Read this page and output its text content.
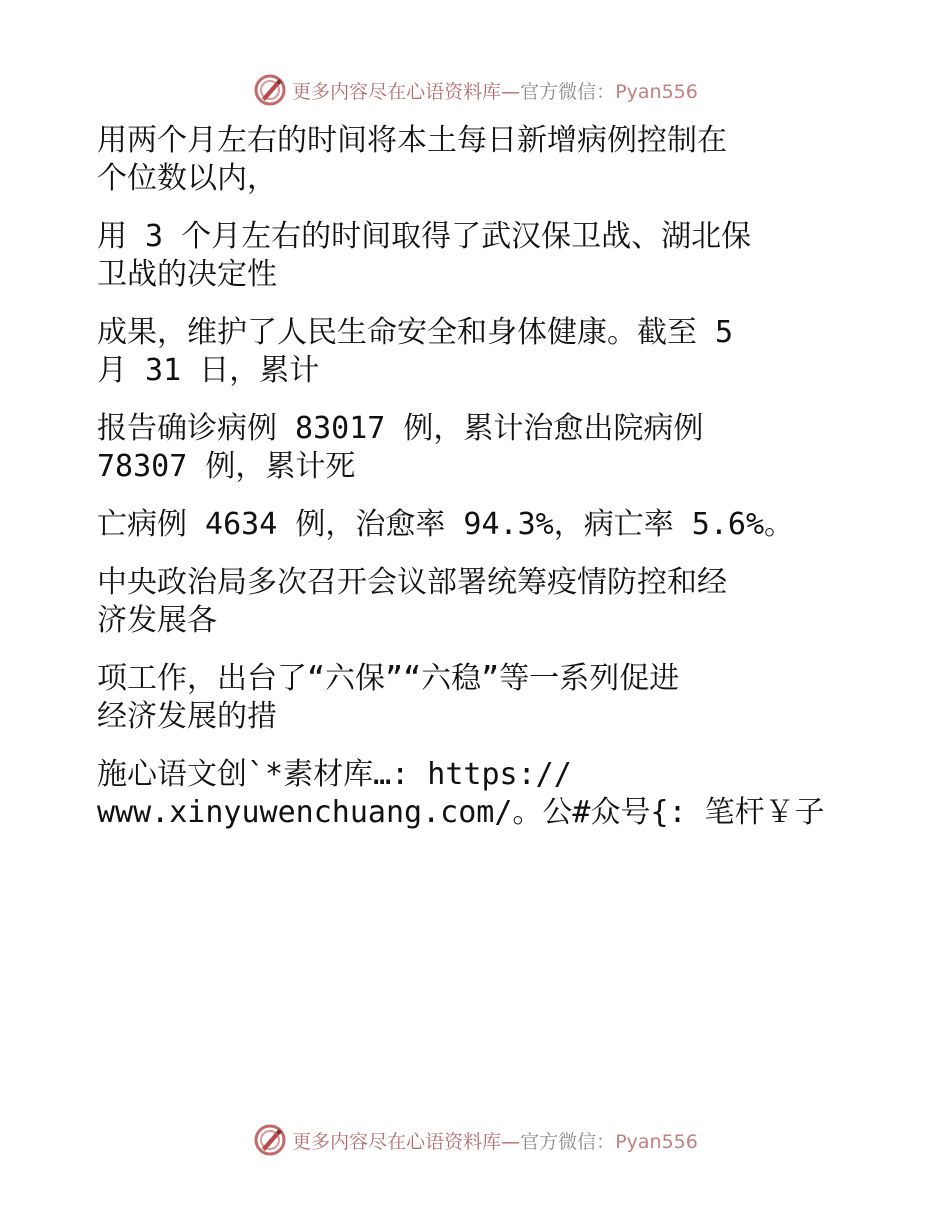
更多内容尽在心语资料库—官方微信：Pyan556

用两个月左右的时间将本土每日新增病例控制在

个位数以内，

用 3 个月左右的时间取得了武汉保卫战、湖北保

卫战的决定性

成果，维护了人民生命安全和身体健康。截至 5

月 31 日，累计

报告确诊病例 83017 例，累计治愈出院病例

78307 例，累计死

亡病例 4634 例，治愈率 94.3%，病亡率 5.6%。

中央政治局多次召开会议部署统筹疫情防控和经

济发展各

项工作，出台了“六保”“六稳”等一系列促进

经济发展的措

施心语文创`*素材库…: https://

www.xinyuwenchuang.com/。公#众号{: 笔杆￥子

更多内容尽在心语资料库—官方微信：Pyan556
